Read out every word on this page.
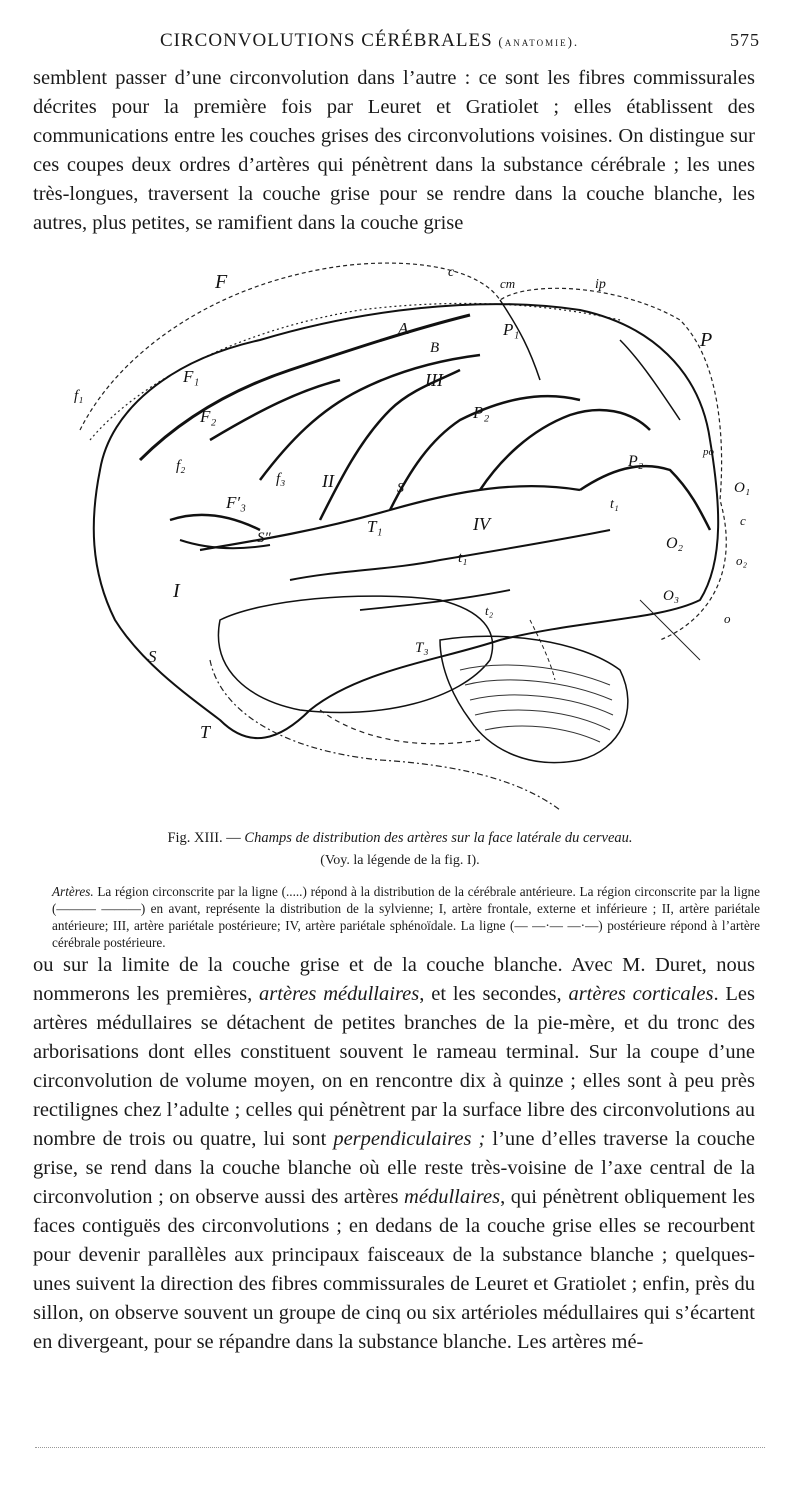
CIRCONVOLUTIONS CÉRÉBRALES (anatomie).	575

semblent passer d’une circonvolution dans l’autre : ce sont les fibres commissurales décrites pour la première fois par Leuret et Gratiolet ; elles établissent des communications entre les couches grises des circonvolutions voisines. On distingue sur ces coupes deux ordres d’artères qui pénètrent dans la substance cérébrale ; les unes très-longues, traversent la couche grise pour se rendre dans la couche blanche, les autres, plus petites, se ramifient dans la couche grise

F	c
cm	ip
P
A
B
P₁
III
F₁
f₁
F₂	P₂
P₂
po
O₁
f₂
f₃ II	S
F′₃
S″
T₁	IV
t₁
t₁
c
O₂
o₂
I	O₃
o
t₂
T₃
S
T
Fig. XIII. — Champs de distribution des artères sur la face latérale du cerveau.
(Voy. la légende de la fig. I).

Artères. La région circonscrite par la ligne (.....) répond à la distribution de la cérébrale antérieure. La région circonscrite par la ligne (——— ———) en avant, représente la distribution de la sylvienne; I, artère frontale, externe et inférieure ; II, artère pariétale antérieure; III, artère pariétale postérieure; IV, artère pariétale sphénoïdale. La ligne (— —·— —·—) postérieure répond à l’artère cérébrale postérieure.

ou sur la limite de la couche grise et de la couche blanche. Avec M. Duret, nous nommerons les premières, artères médullaires, et les secondes, artères corticales. Les artères médullaires se détachent de petites branches de la pie-mère, et du tronc des arborisations dont elles constituent souvent le rameau terminal. Sur la coupe d’une circonvolution de volume moyen, on en rencontre dix à quinze ; elles sont à peu près rectilignes chez l’adulte ; celles qui pénètrent par la surface libre des circonvolutions au nombre de trois ou quatre, lui sont perpendiculaires ; l’une d’elles traverse la couche grise, se rend dans la couche blanche où elle reste très-voisine de l’axe central de la circonvolution ; on observe aussi des artères médullaires, qui pénètrent obliquement les faces contiguës des circonvolutions ; en dedans de la couche grise elles se recourbent pour devenir parallèles aux principaux faisceaux de la substance blanche ; quelques-unes suivent la direction des fibres commissurales de Leuret et Gratiolet ; enfin, près du sillon, on observe souvent un groupe de cinq ou six artérioles médullaires qui s’écartent en divergeant, pour se répandre dans la substance blanche. Les artères mé-
